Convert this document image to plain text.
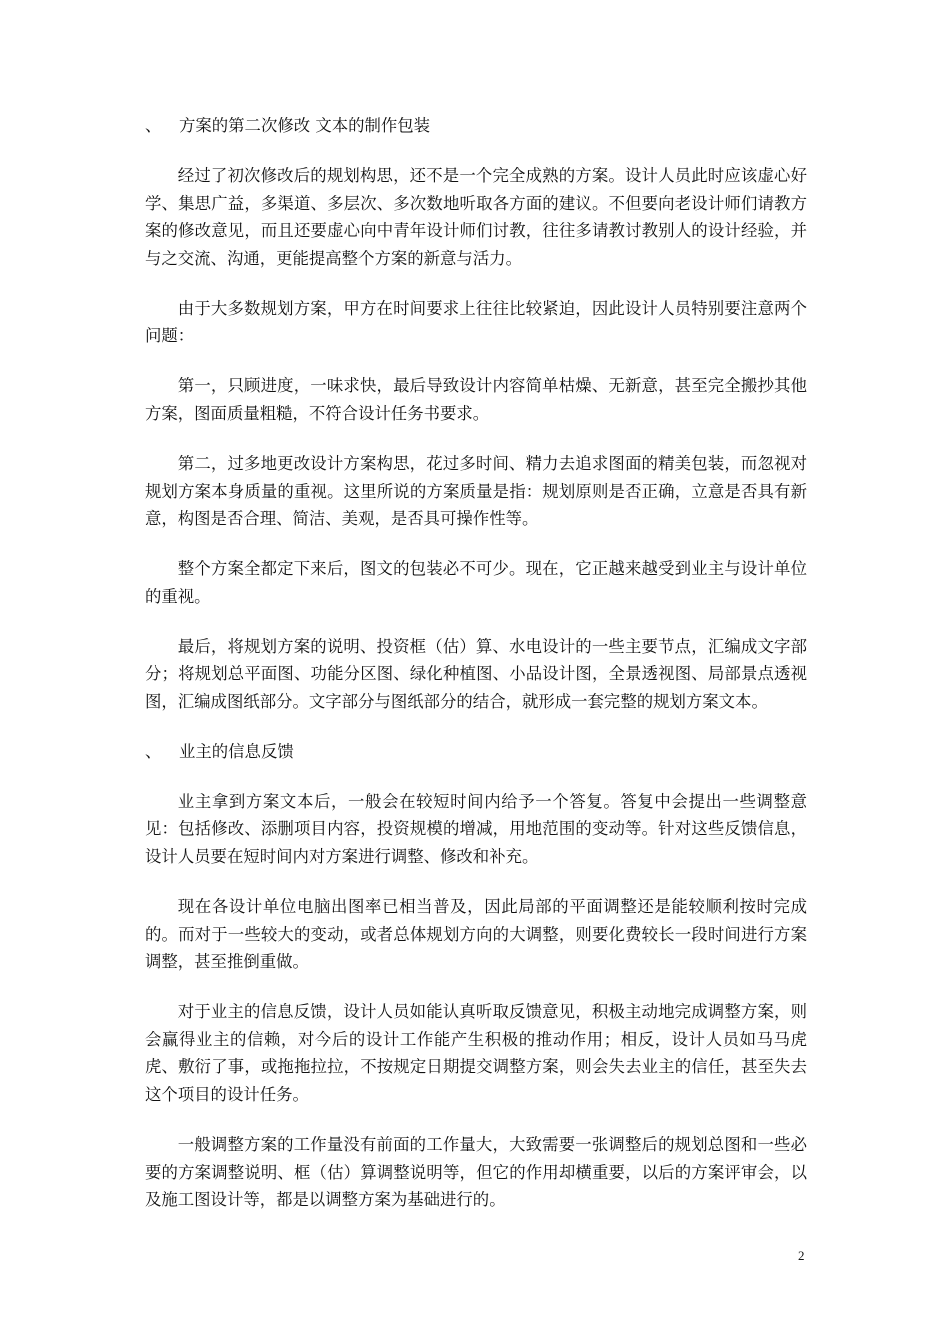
、 方案的第二次修改 文本的制作包装

经过了初次修改后的规划构思，还不是一个完全成熟的方案。设计人员此时应该虚心好学、集思广益，多渠道、多层次、多次数地听取各方面的建议。不但要向老设计师们请教方案的修改意见，而且还要虚心向中青年设计师们讨教，往往多请教讨教别人的设计经验，并与之交流、沟通，更能提高整个方案的新意与活力。

由于大多数规划方案，甲方在时间要求上往往比较紧迫，因此设计人员特别要注意两个问题：

第一，只顾进度，一味求快，最后导致设计内容简单枯燥、无新意，甚至完全搬抄其他方案，图面质量粗糙，不符合设计任务书要求。

第二，过多地更改设计方案构思，花过多时间、精力去追求图面的精美包装，而忽视对规划方案本身质量的重视。这里所说的方案质量是指：规划原则是否正确，立意是否具有新意，构图是否合理、简洁、美观，是否具可操作性等。

整个方案全都定下来后，图文的包装必不可少。现在，它正越来越受到业主与设计单位的重视。

最后，将规划方案的说明、投资框（估）算、水电设计的一些主要节点，汇编成文字部分；将规划总平面图、功能分区图、绿化种植图、小品设计图，全景透视图、局部景点透视图，汇编成图纸部分。文字部分与图纸部分的结合，就形成一套完整的规划方案文本。

、 业主的信息反馈

业主拿到方案文本后，一般会在较短时间内给予一个答复。答复中会提出一些调整意见：包括修改、添删项目内容，投资规模的增减，用地范围的变动等。针对这些反馈信息，设计人员要在短时间内对方案进行调整、修改和补充。

现在各设计单位电脑出图率已相当普及，因此局部的平面调整还是能较顺利按时完成的。而对于一些较大的变动，或者总体规划方向的大调整，则要化费较长一段时间进行方案调整，甚至推倒重做。

对于业主的信息反馈，设计人员如能认真听取反馈意见，积极主动地完成调整方案，则会赢得业主的信赖，对今后的设计工作能产生积极的推动作用；相反，设计人员如马马虎虎、敷衍了事，或拖拖拉拉，不按规定日期提交调整方案，则会失去业主的信任，甚至失去这个项目的设计任务。

一般调整方案的工作量没有前面的工作量大，大致需要一张调整后的规划总图和一些必要的方案调整说明、框（估）算调整说明等，但它的作用却横重要，以后的方案评审会，以及施工图设计等，都是以调整方案为基础进行的。

2
